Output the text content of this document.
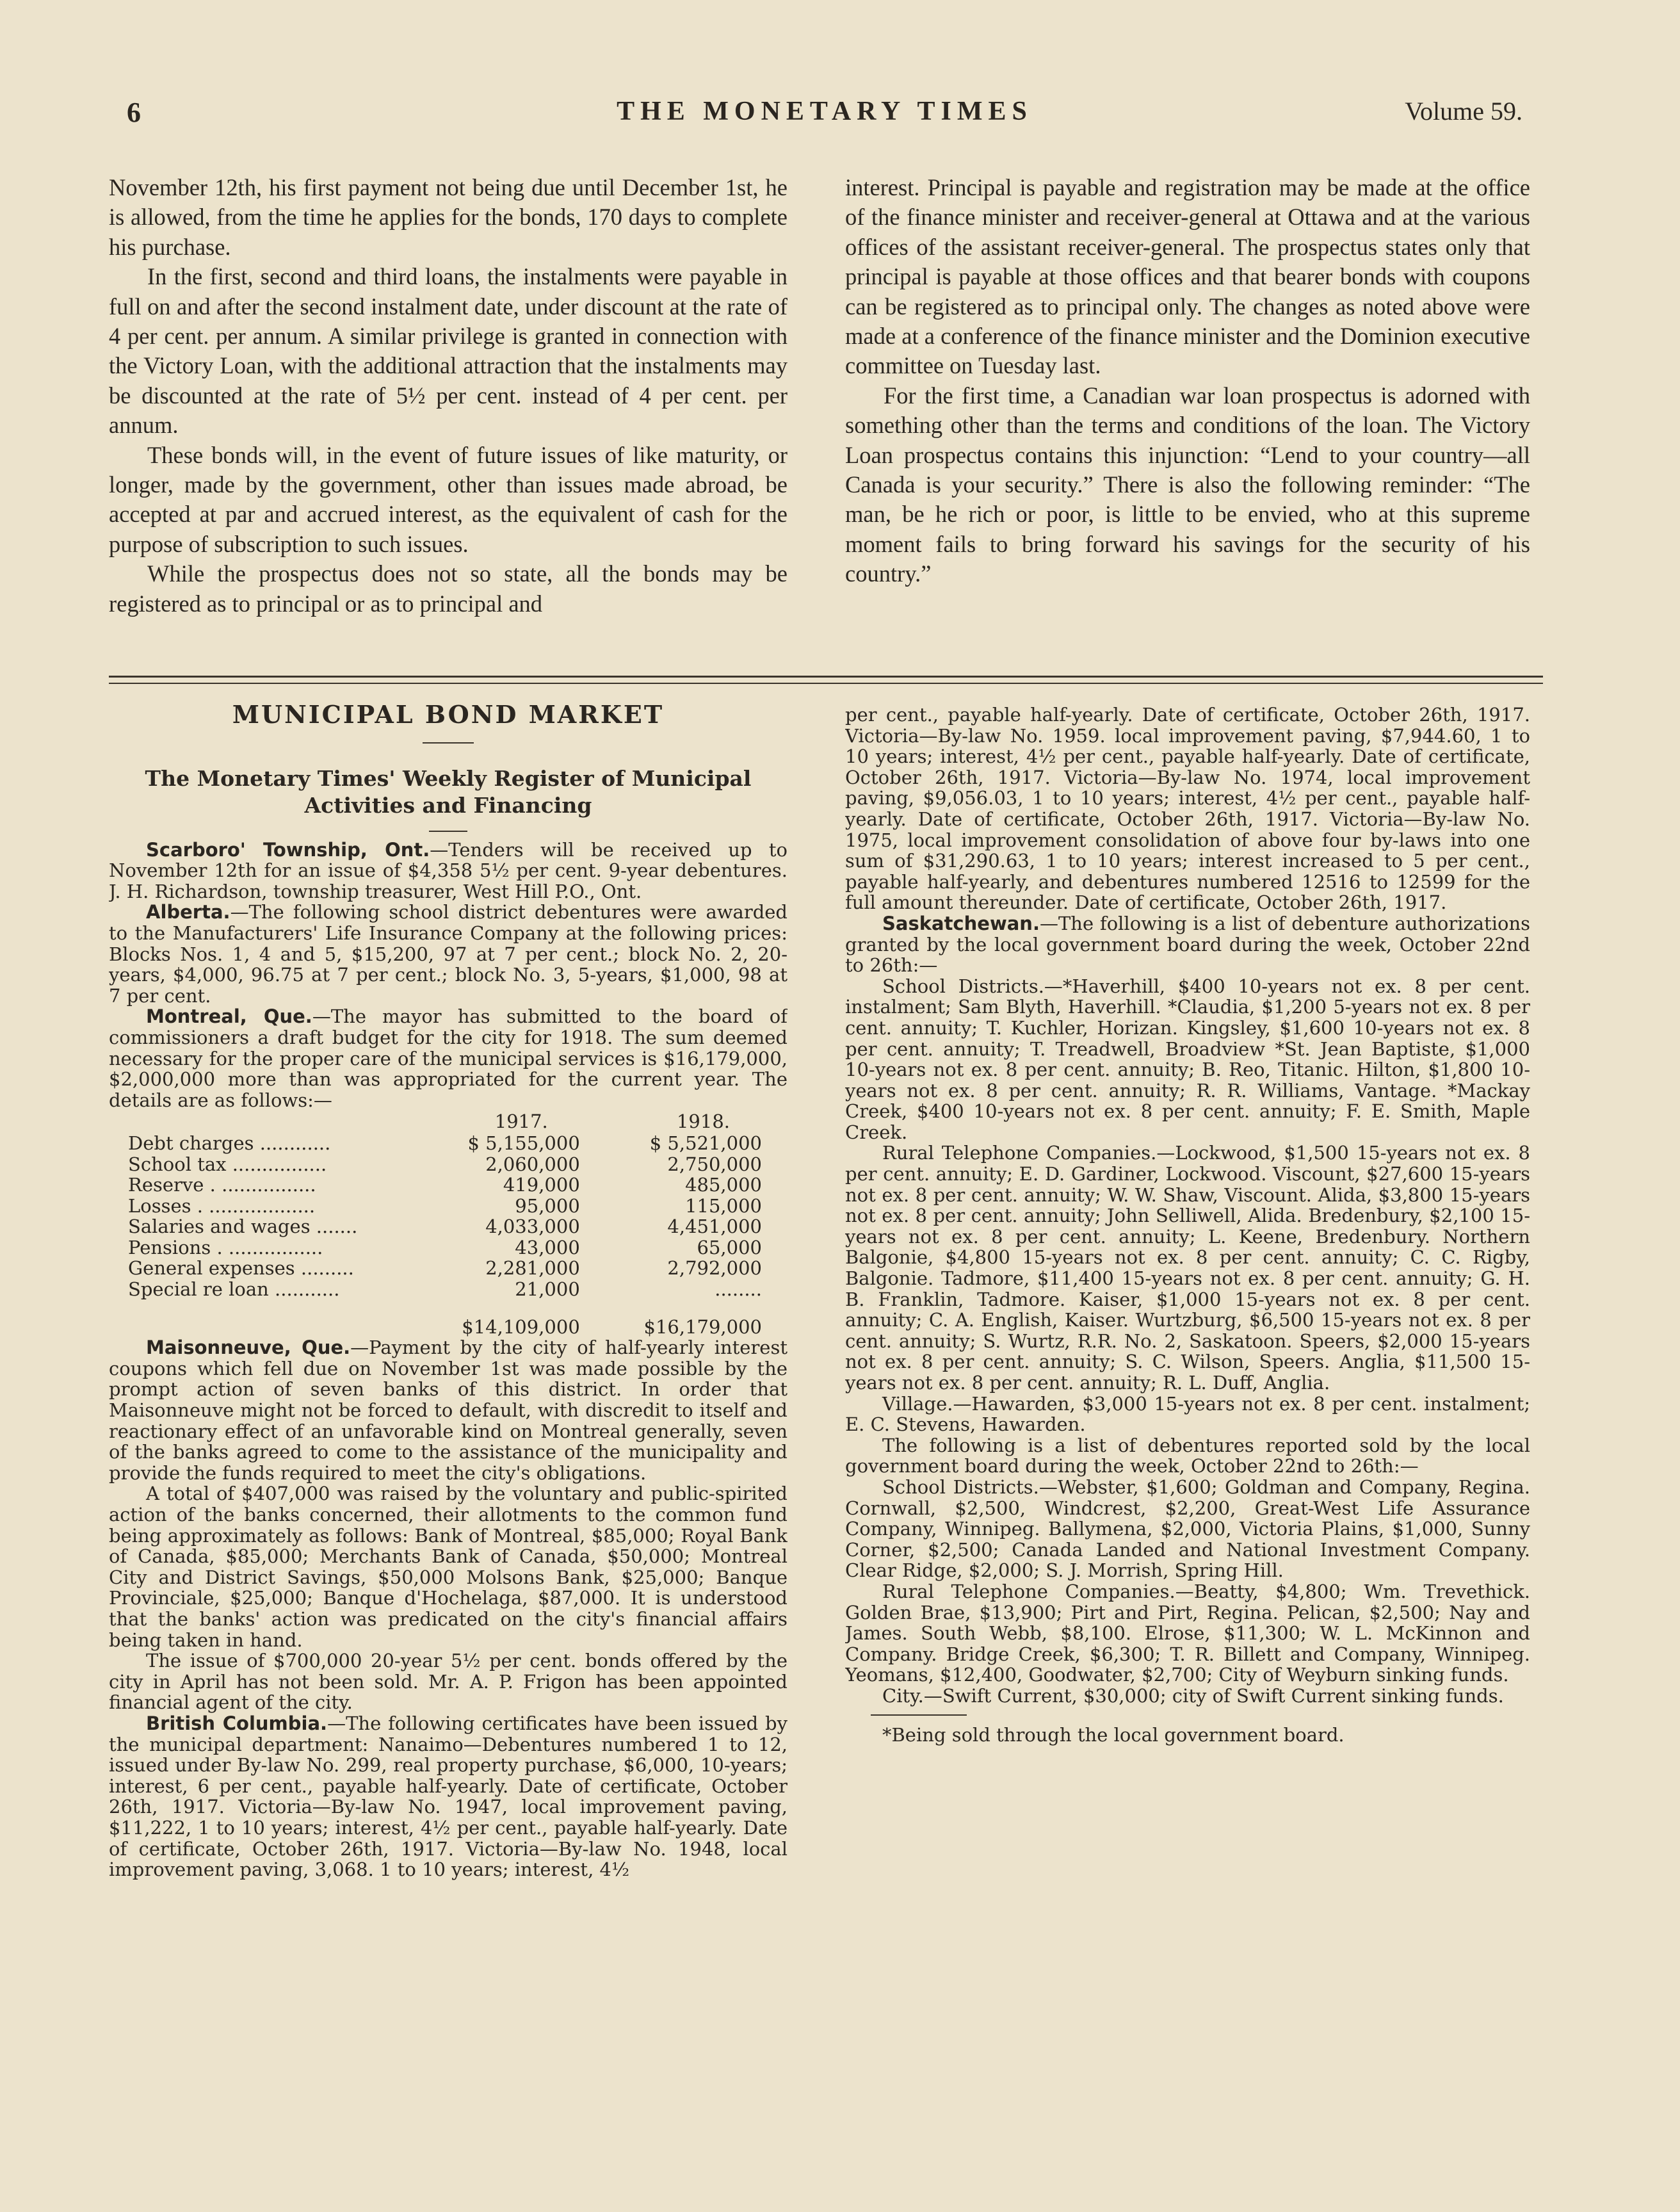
6	THE MONETARY TIMES	Volume 59.

November 12th, his first payment not being due until December 1st, he is allowed, from the time he applies for the bonds, 170 days to complete his purchase.

In the first, second and third loans, the instalments were payable in full on and after the second instalment date, under discount at the rate of 4 per cent. per annum. A similar privilege is granted in connection with the Victory Loan, with the additional attraction that the instalments may be discounted at the rate of 5½ per cent. instead of 4 per cent. per annum.

These bonds will, in the event of future issues of like maturity, or longer, made by the government, other than issues made abroad, be accepted at par and accrued interest, as the equivalent of cash for the purpose of subscription to such issues.

While the prospectus does not so state, all the bonds may be registered as to principal or as to principal and

interest. Principal is payable and registration may be made at the office of the finance minister and receiver-general at Ottawa and at the various offices of the assistant receiver-general. The prospectus states only that principal is payable at those offices and that bearer bonds with coupons can be registered as to principal only. The changes as noted above were made at a conference of the finance minister and the Dominion executive committee on Tuesday last.

For the first time, a Canadian war loan prospectus is adorned with something other than the terms and conditions of the loan. The Victory Loan prospectus contains this injunction: “Lend to your country—all Canada is your security.” There is also the following reminder: “The man, be he rich or poor, is little to be envied, who at this supreme moment fails to bring forward his savings for the security of his country.”

MUNICIPAL BOND MARKET
The Monetary Times' Weekly Register of Municipal Activities and Financing

Scarboro' Township, Ont.—Tenders will be received up to November 12th for an issue of $4,358 5½ per cent. 9-year debentures. J. H. Richardson, township treasurer, West Hill P.O., Ont.

Alberta.—The following school district debentures were awarded to the Manufacturers' Life Insurance Company at the following prices: Blocks Nos. 1, 4 and 5, $15,200, 97 at 7 per cent.; block No. 2, 20-years, $4,000, 96.75 at 7 per cent.; block No. 3, 5-years, $1,000, 98 at 7 per cent.

Montreal, Que.—The mayor has submitted to the board of commissioners a draft budget for the city for 1918. The sum deemed necessary for the proper care of the municipal services is $16,179,000, $2,000,000 more than was appropriated for the current year. The details are as follows:—

	1917.	1918.
Debt charges ............	$ 5,155,000	$ 5,521,000
School tax ................	2,060,000	2,750,000
Reserve . ................	419,000	485,000
Losses . ..................	95,000	115,000
Salaries and wages .......	4,033,000	4,451,000
Pensions . ................	43,000	65,000
General expenses .........	2,281,000	2,792,000
Special re loan ...........	21,000	........
	$14,109,000	$16,179,000

Maisonneuve, Que.—Payment by the city of half-yearly interest coupons which fell due on November 1st was made possible by the prompt action of seven banks of this district. In order that Maisonneuve might not be forced to default, with discredit to itself and reactionary effect of an unfavorable kind on Montreal generally, seven of the banks agreed to come to the assistance of the municipality and provide the funds required to meet the city's obligations.

A total of $407,000 was raised by the voluntary and public-spirited action of the banks concerned, their allotments to the common fund being approximately as follows: Bank of Montreal, $85,000; Royal Bank of Canada, $85,000; Merchants Bank of Canada, $50,000; Montreal City and District Savings, $50,000 Molsons Bank, $25,000; Banque Provinciale, $25,000; Banque d'Hochelaga, $87,000. It is understood that the banks' action was predicated on the city's financial affairs being taken in hand.

The issue of $700,000 20-year 5½ per cent. bonds offered by the city in April has not been sold. Mr. A. P. Frigon has been appointed financial agent of the city.

British Columbia.—The following certificates have been issued by the municipal department: Nanaimo—Debentures numbered 1 to 12, issued under By-law No. 299, real property purchase, $6,000, 10-years; interest, 6 per cent., payable half-yearly. Date of certificate, October 26th, 1917. Victoria—By-law No. 1947, local improvement paving, $11,222, 1 to 10 years; interest, 4½ per cent., payable half-yearly. Date of certificate, October 26th, 1917. Victoria—By-law No. 1948, local improvement paving, 3,068. 1 to 10 years; interest, 4½

per cent., payable half-yearly. Date of certificate, October 26th, 1917. Victoria—By-law No. 1959. local improvement paving, $7,944.60, 1 to 10 years; interest, 4½ per cent., payable half-yearly. Date of certificate, October 26th, 1917. Victoria—By-law No. 1974, local improvement paving, $9,056.03, 1 to 10 years; interest, 4½ per cent., payable half-yearly. Date of certificate, October 26th, 1917. Victoria—By-law No. 1975, local improvement consolidation of above four by-laws into one sum of $31,290.63, 1 to 10 years; interest increased to 5 per cent., payable half-yearly, and debentures numbered 12516 to 12599 for the full amount thereunder. Date of certificate, October 26th, 1917.

Saskatchewan.—The following is a list of debenture authorizations granted by the local government board during the week, October 22nd to 26th:—

School Districts.—*Haverhill, $400 10-years not ex. 8 per cent. instalment; Sam Blyth, Haverhill. *Claudia, $1,200 5-years not ex. 8 per cent. annuity; T. Kuchler, Horizan. Kingsley, $1,600 10-years not ex. 8 per cent. annuity; T. Treadwell, Broadview *St. Jean Baptiste, $1,000 10-years not ex. 8 per cent. annuity; B. Reo, Titanic. Hilton, $1,800 10-years not ex. 8 per cent. annuity; R. R. Williams, Vantage. *Mackay Creek, $400 10-years not ex. 8 per cent. annuity; F. E. Smith, Maple Creek.

Rural Telephone Companies.—Lockwood, $1,500 15-years not ex. 8 per cent. annuity; E. D. Gardiner, Lockwood. Viscount, $27,600 15-years not ex. 8 per cent. annuity; W. W. Shaw, Viscount. Alida, $3,800 15-years not ex. 8 per cent. annuity; John Selliwell, Alida. Bredenbury, $2,100 15-years not ex. 8 per cent. annuity; L. Keene, Bredenbury. Northern Balgonie, $4,800 15-years not ex. 8 per cent. annuity; C. C. Rigby, Balgonie. Tadmore, $11,400 15-years not ex. 8 per cent. annuity; G. H. B. Franklin, Tadmore. Kaiser, $1,000 15-years not ex. 8 per cent. annuity; C. A. English, Kaiser. Wurtzburg, $6,500 15-years not ex. 8 per cent. annuity; S. Wurtz, R.R. No. 2, Saskatoon. Speers, $2,000 15-years not ex. 8 per cent. annuity; S. C. Wilson, Speers. Anglia, $11,500 15-years not ex. 8 per cent. annuity; R. L. Duff, Anglia.

Village.—Hawarden, $3,000 15-years not ex. 8 per cent. instalment; E. C. Stevens, Hawarden.

The following is a list of debentures reported sold by the local government board during the week, October 22nd to 26th:—

School Districts.—Webster, $1,600; Goldman and Company, Regina. Cornwall, $2,500, Windcrest, $2,200, Great-West Life Assurance Company, Winnipeg. Ballymena, $2,000, Victoria Plains, $1,000, Sunny Corner, $2,500; Canada Landed and National Investment Company. Clear Ridge, $2,000; S. J. Morrish, Spring Hill.

Rural Telephone Companies.—Beatty, $4,800; Wm. Trevethick. Golden Brae, $13,900; Pirt and Pirt, Regina. Pelican, $2,500; Nay and James. South Webb, $8,100. Elrose, $11,300; W. L. McKinnon and Company. Bridge Creek, $6,300; T. R. Billett and Company, Winnipeg. Yeomans, $12,400, Goodwater, $2,700; City of Weyburn sinking funds.

City.—Swift Current, $30,000; city of Swift Current sinking funds.

*Being sold through the local government board.
